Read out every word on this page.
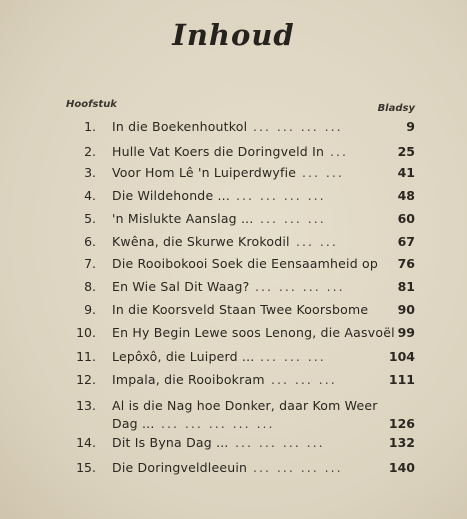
Inhoud
Hoofstuk	Bladsy
1. In die Boekenhoutkol ... ... ... ...	9
2. Hulle Vat Koers die Doringveld In ...	25
3. Voor Hom Lê 'n Luiperdwyfie ... ...	41
4. Die Wildehonde ... ... ... ... ...	48
5. 'n Mislukte Aanslag ... ... ... ...	60
6. Kwêna, die Skurwe Krokodil ... ...	67
7. Die Rooibokooi Soek die Eensaamheid op	76
8. En Wie Sal Dit Waag? ... ... ... ...	81
9. In die Koorsveld Staan Twee Koorsbome	90
10. En Hy Begin Lewe soos Lenong, die Aasvoël 99
11. Lepôxô, die Luiperd ... ... ... ...	104
12. Impala, die Rooibokram ... ... ...	111
13. Al is die Nag hoe Donker, daar Kom Weer
Dag ... ... ... ... ... ...	126
14. Dit Is Byna Dag ... ... ... ... ...	132
15. Die Doringveldleeuin ... ... ... ...	140
